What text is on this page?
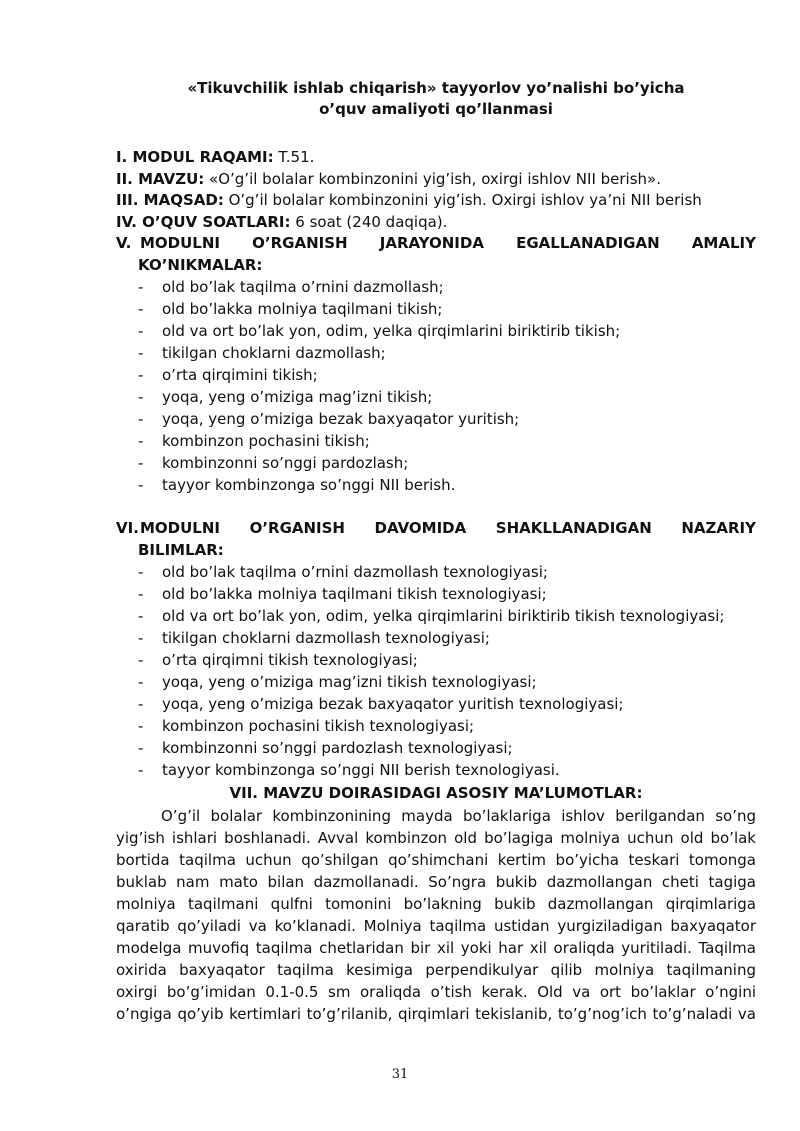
«Tikuvchilik ishlab chiqarish» tayyorlov yo’nalishi bo’yicha
o’quv amaliyoti qo’llanmasi
I. MODUL RAQAMI: T.51.
II. MAVZU: «O’g’il bolalar kombinzonini yig’ish, oxirgi ishlov NII berish».
III. MAQSAD: O’g’il bolalar kombinzonini yig’ish. Oxirgi ishlov ya’ni NII berish
IV. O’QUV SOATLARI: 6 soat (240 daqiqa).
V. MODULNI O’RGANISH JARAYONIDA EGALLANADIGAN AMALIY
KO’NIKMALAR:
- old bo’lak taqilma o’rnini dazmollash;
- old bo’lakka molniya taqilmani tikish;
- old va ort bo’lak yon, odim, yelka qirqimlarini biriktirib tikish;
- tikilgan choklarni dazmollash;
- o’rta qirqimini tikish;
- yoqa, yeng o’miziga mag’izni tikish;
- yoqa, yeng o’miziga bezak baxyaqator yuritish;
- kombinzon pochasini tikish;
- kombinzonni so’nggi pardozlash;
- tayyor kombinzonga so’nggi NII berish.
VI. MODULNI O’RGANISH DAVOMIDA SHAKLLANADIGAN NAZARIY
BILIMLAR:
- old bo’lak taqilma o’rnini dazmollash texnologiyasi;
- old bo’lakka molniya taqilmani tikish texnologiyasi;
- old va ort bo’lak yon, odim, yelka qirqimlarini biriktirib tikish texnologiyasi;
- tikilgan choklarni dazmollash texnologiyasi;
- o’rta qirqimni tikish texnologiyasi;
- yoqa, yeng o’miziga mag’izni tikish texnologiyasi;
- yoqa, yeng o’miziga bezak baxyaqator yuritish texnologiyasi;
- kombinzon pochasini tikish texnologiyasi;
- kombinzonni so’nggi pardozlash texnologiyasi;
- tayyor kombinzonga so’nggi NII berish texnologiyasi.
VII. MAVZU DOIRASIDAGI ASOSIY MA’LUMOTLAR:
O’g’il bolalar kombinzonining mayda bo’laklariga ishlov berilgandan so’ng
yig’ish ishlari boshlanadi. Avval kombinzon old bo’lagiga molniya uchun old bo’lak
bortida taqilma uchun qo’shilgan qo’shimchani kertim bo’yicha teskari tomonga
buklab nam mato bilan dazmollanadi. So’ngra bukib dazmollangan cheti tagiga
molniya taqilmani qulfni tomonini bo’lakning bukib dazmollangan qirqimlariga
qaratib qo’yiladi va ko’klanadi. Molniya taqilma ustidan yurgiziladigan baxyaqator
modelga muvofiq taqilma chetlaridan bir xil yoki har xil oraliqda yuritiladi. Taqilma
oxirida baxyaqator taqilma kesimiga perpendikulyar qilib molniya taqilmaning
oxirgi bo’g’imidan 0.1-0.5 sm oraliqda o’tish kerak. Old va ort bo’laklar o’ngini
o’ngiga qo’yib kertimlari to’g’rilanib, qirqimlari tekislanib, to’g’nog’ich to’g’naladi va
31
